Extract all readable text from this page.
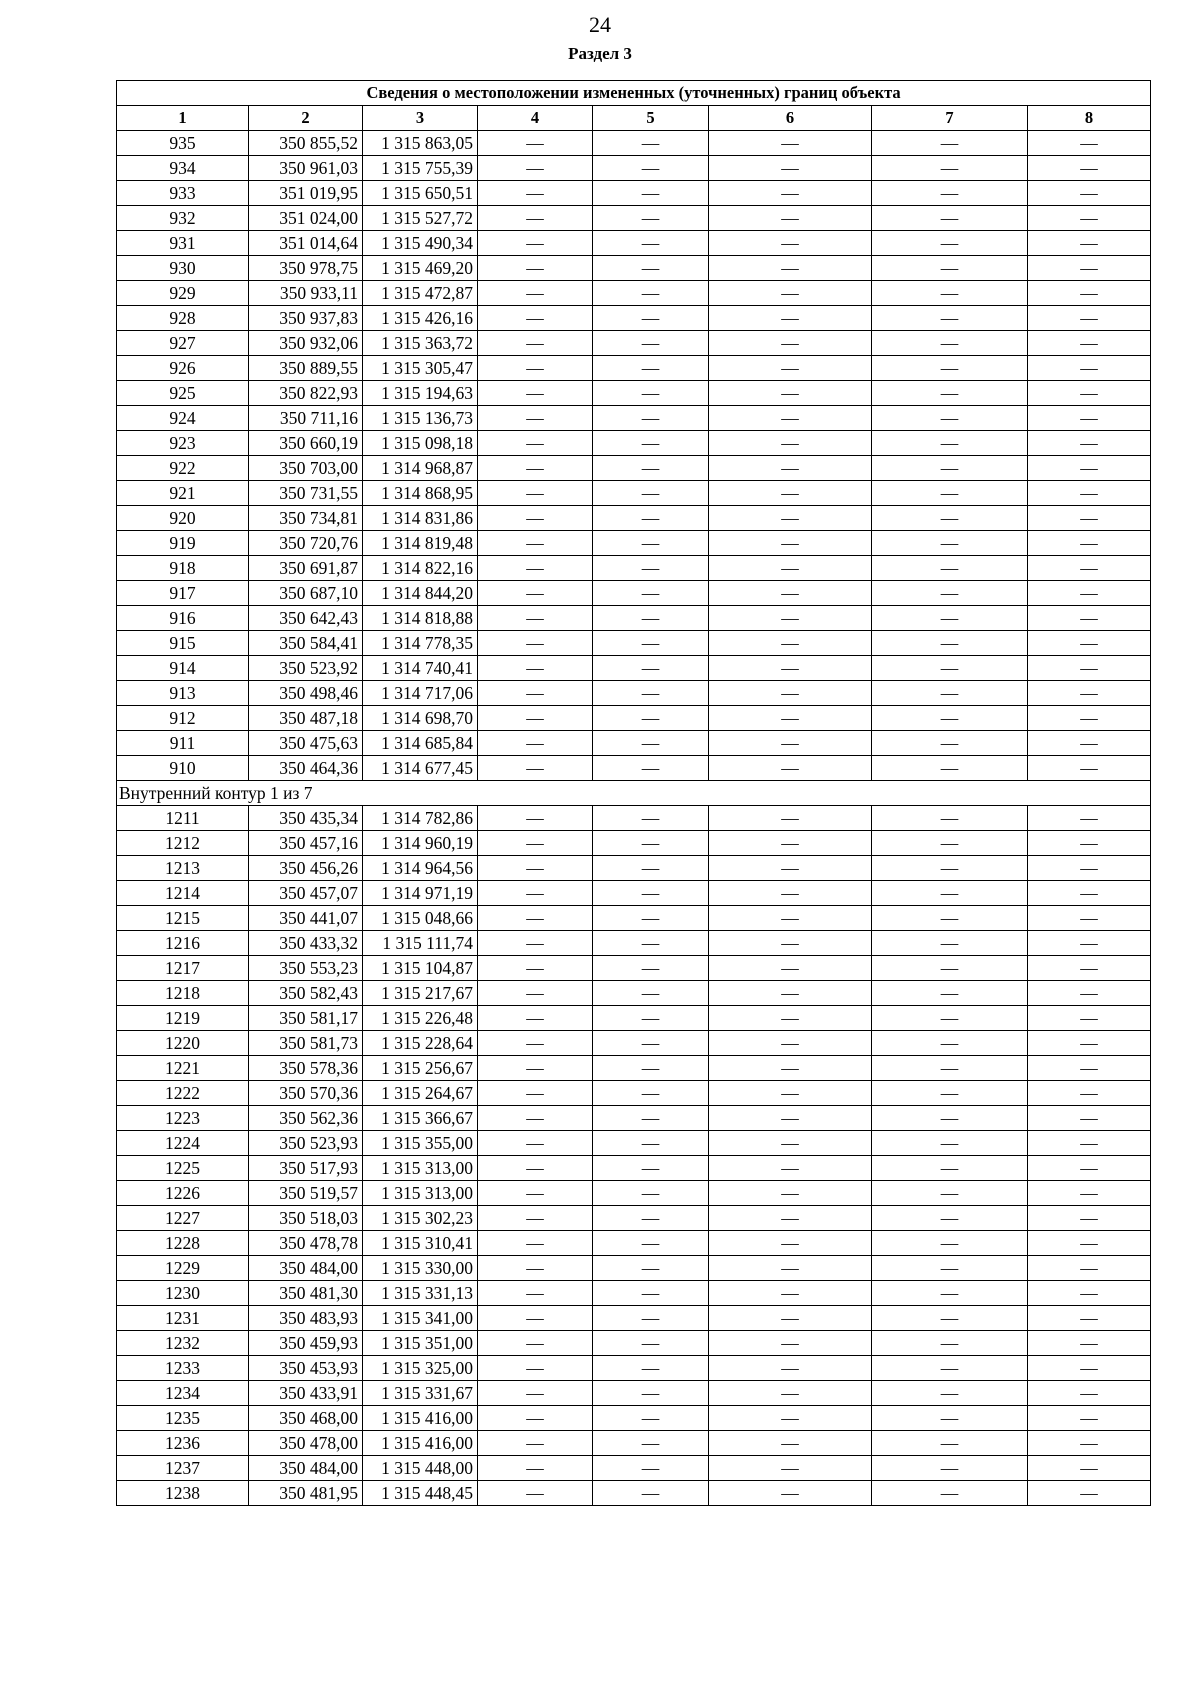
24
Раздел 3
Сведения о местоположении измененных (уточненных) границ объекта							
1	2	3	4	5	6	7	8
935	350 855,52	1 315 863,05	—	—	—	—	—
934	350 961,03	1 315 755,39	—	—	—	—	—
933	351 019,95	1 315 650,51	—	—	—	—	—
932	351 024,00	1 315 527,72	—	—	—	—	—
931	351 014,64	1 315 490,34	—	—	—	—	—
930	350 978,75	1 315 469,20	—	—	—	—	—
929	350 933,11	1 315 472,87	—	—	—	—	—
928	350 937,83	1 315 426,16	—	—	—	—	—
927	350 932,06	1 315 363,72	—	—	—	—	—
926	350 889,55	1 315 305,47	—	—	—	—	—
925	350 822,93	1 315 194,63	—	—	—	—	—
924	350 711,16	1 315 136,73	—	—	—	—	—
923	350 660,19	1 315 098,18	—	—	—	—	—
922	350 703,00	1 314 968,87	—	—	—	—	—
921	350 731,55	1 314 868,95	—	—	—	—	—
920	350 734,81	1 314 831,86	—	—	—	—	—
919	350 720,76	1 314 819,48	—	—	—	—	—
918	350 691,87	1 314 822,16	—	—	—	—	—
917	350 687,10	1 314 844,20	—	—	—	—	—
916	350 642,43	1 314 818,88	—	—	—	—	—
915	350 584,41	1 314 778,35	—	—	—	—	—
914	350 523,92	1 314 740,41	—	—	—	—	—
913	350 498,46	1 314 717,06	—	—	—	—	—
912	350 487,18	1 314 698,70	—	—	—	—	—
911	350 475,63	1 314 685,84	—	—	—	—	—
910	350 464,36	1 314 677,45	—	—	—	—	—
Внутренний контур 1 из 7							
1211	350 435,34	1 314 782,86	—	—	—	—	—
1212	350 457,16	1 314 960,19	—	—	—	—	—
1213	350 456,26	1 314 964,56	—	—	—	—	—
1214	350 457,07	1 314 971,19	—	—	—	—	—
1215	350 441,07	1 315 048,66	—	—	—	—	—
1216	350 433,32	1 315 111,74	—	—	—	—	—
1217	350 553,23	1 315 104,87	—	—	—	—	—
1218	350 582,43	1 315 217,67	—	—	—	—	—
1219	350 581,17	1 315 226,48	—	—	—	—	—
1220	350 581,73	1 315 228,64	—	—	—	—	—
1221	350 578,36	1 315 256,67	—	—	—	—	—
1222	350 570,36	1 315 264,67	—	—	—	—	—
1223	350 562,36	1 315 366,67	—	—	—	—	—
1224	350 523,93	1 315 355,00	—	—	—	—	—
1225	350 517,93	1 315 313,00	—	—	—	—	—
1226	350 519,57	1 315 313,00	—	—	—	—	—
1227	350 518,03	1 315 302,23	—	—	—	—	—
1228	350 478,78	1 315 310,41	—	—	—	—	—
1229	350 484,00	1 315 330,00	—	—	—	—	—
1230	350 481,30	1 315 331,13	—	—	—	—	—
1231	350 483,93	1 315 341,00	—	—	—	—	—
1232	350 459,93	1 315 351,00	—	—	—	—	—
1233	350 453,93	1 315 325,00	—	—	—	—	—
1234	350 433,91	1 315 331,67	—	—	—	—	—
1235	350 468,00	1 315 416,00	—	—	—	—	—
1236	350 478,00	1 315 416,00	—	—	—	—	—
1237	350 484,00	1 315 448,00	—	—	—	—	—
1238	350 481,95	1 315 448,45	—	—	—	—	—
